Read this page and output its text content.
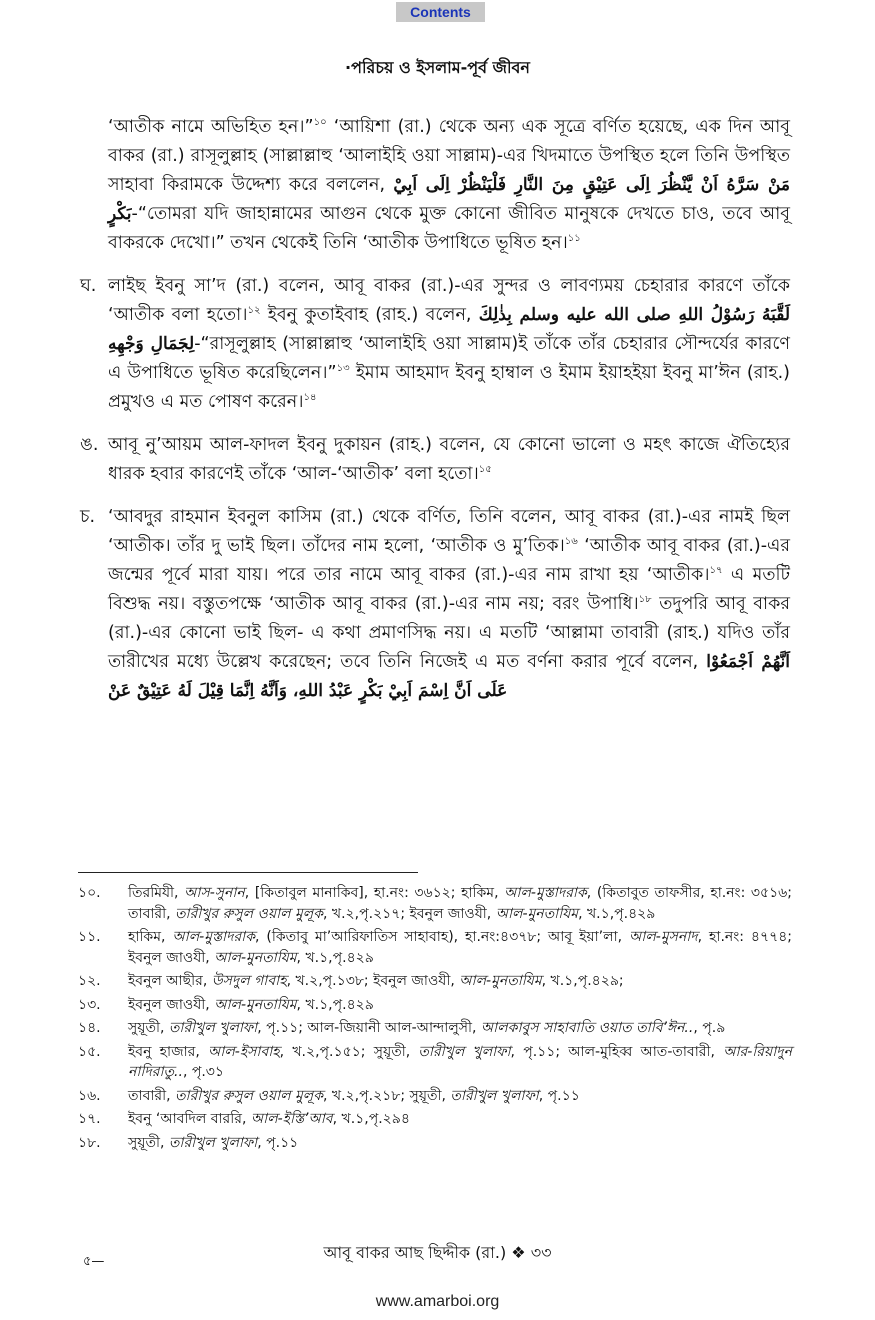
Contents
·পরিচয় ও ইসলাম-পূর্ব জীবন

‘আতীক নামে অভিহিত হন।”$^{১০}$ ‘আয়িশা (রা.) থেকে অন্য এক সূত্রে বর্ণিত হয়েছে, এক দিন আবূ বাকর (রা.) রাসূলুল্লাহ (সাল্লাল্লাহু ‘আলাইহি ওয়া সাল্লাম)-এর খিদমাতে উপস্থিত হলে তিনি উপস্থিত সাহাবা কিরামকে উদ্দেশ্য করে বললেন, مَنْ سَرَّهُ اَنْ يَّنْظُرَ اِلَى عَتِيْقٍ مِنَ النَّارِ فَلْيَنْظُرْ اِلَى اَبِيْ بَكْرٍ-“তোমরা যদি জাহান্নামের আগুন থেকে মুক্ত কোনো জীবিত মানুষকে দেখতে চাও, তবে আবূ বাকরকে দেখো।” তখন থেকেই তিনি ‘আতীক উপাধিতে ভূষিত হন।$^{১১}$

ঘ. লাইছ ইবনু সা’দ (রা.) বলেন, আবূ বাকর (রা.)-এর সুন্দর ও লাবণ্যময় চেহারার কারণে তাঁকে ‘আতীক বলা হতো।$^{১২}$ ইবনু কুতাইবাহ (রাহ.) বলেন, لَقَّبَهُ رَسُوْلُ اللهِ صلى الله عليه وسلم بِذٰلِكَ لِجَمَالِ وَجْهِهِ-“রাসূলুল্লাহ (সাল্লাল্লাহু ‘আলাইহি ওয়া সাল্লাম)ই তাঁকে তাঁর চেহারার সৌন্দর্যের কারণে এ উপাধিতে ভূষিত করেছিলেন।”$^{১৩}$ ইমাম আহমাদ ইবনু হাম্বাল ও ইমাম ইয়াহইয়া ইবনু মা’ঈন (রাহ.) প্রমুখও এ মত পোষণ করেন।$^{১৪}$
ঙ. আবূ নু’আয়ম আল-ফাদল ইবনু দুকায়ন (রাহ.) বলেন, যে কোনো ভালো ও মহৎ কাজে ঐতিহ্যের ধারক হবার কারণেই তাঁকে ‘আল-‘আতীক’ বলা হতো।$^{১৫}$
চ. ‘আবদুর রাহমান ইবনুল কাসিম (রা.) থেকে বর্ণিত, তিনি বলেন, আবূ বাকর (রা.)-এর নামই ছিল ‘আতীক। তাঁর দু ভাই ছিল। তাঁদের নাম হলো, ‘আতীক ও মু’তিক।$^{১৬}$ ‘আতীক আবূ বাকর (রা.)-এর জন্মের পূর্বে মারা যায়। পরে তার নামে আবূ বাকর (রা.)-এর নাম রাখা হয় ‘আতীক।$^{১৭}$ এ মতটি বিশুদ্ধ নয়। বস্তুতপক্ষে ‘আতীক আবূ বাকর (রা.)-এর নাম নয়; বরং উপাধি।$^{১৮}$ তদুপরি আবূ বাকর (রা.)-এর কোনো ভাই ছিল- এ কথা প্রমাণসিদ্ধ নয়। এ মতটি ‘আল্লামা তাবারী (রাহ.) যদিও তাঁর তারীখের মধ্যে উল্লেখ করেছেন; তবে তিনি নিজেই এ মত বর্ণনা করার পূর্বে বলেন, اَنَّهُمْ اَجْمَعُوْا عَلَى اَنَّ اِسْمَ اَبِيْ بَكْرٍ عَبْدُ اللهِ، وَاَنَّهُ اِنَّمَا قِيْلَ لَهُ عَتِيْقٌ عَنْ
১০. তিরমিযী, আস-সুনান, [কিতাবুল মানাকিব], হা.নং: ৩৬১২; হাকিম, আল-মুস্তাদরাক, (কিতাবুত তাফসীর, হা.নং: ৩৫১৬; তাবারী, তারীখুর রুসুল ওয়াল মুলূক, খ.২,পৃ.২১৭; ইবনুল জাওযী, আল-মুনতাযিম, খ.১,পৃ.৪২৯
১১. হাকিম, আল-মুস্তাদরাক, (কিতাবু মা’আরিফাতিস সাহাবাহ), হা.নং:৪৩৭৮; আবূ ইয়া’লা, আল-মুসনাদ, হা.নং: ৪৭৭৪; ইবনুল জাওযী, আল-মুনতাযিম, খ.১,পৃ.৪২৯
১২. ইবনুল আছীর, উসদুল গাবাহ, খ.২,পৃ.১৩৮; ইবনুল জাওযী, আল-মুনতাযিম, খ.১,পৃ.৪২৯;
১৩. ইবনুল জাওযী, আল-মুনতাযিম, খ.১,পৃ.৪২৯
১৪. সুয়ূতী, তারীখুল খুলাফা, পৃ.১১; আল-জিয়ানী আল-আন্দালুসী, আলকাবুস সাহাবাতি ওয়াত তাবি’ঈন.., পৃ.৯
১৫. ইবনু হাজার, আল-ইসাবাহ, খ.২,পৃ.১৫১; সুয়ূতী, তারীখুল খুলাফা, পৃ.১১; আল-মুহিব্ব আত-তাবারী, আর-রিয়াদুন নাদিরাতু.., পৃ.৩১
১৬. তাবারী, তারীখুর রুসুল ওয়াল মুলূক, খ.২,পৃ.২১৮; সুয়ূতী, তারীখুল খুলাফা, পৃ.১১
১৭. ইবনু ‘আবদিল বাররি, আল-ইস্তি’আব, খ.১,পৃ.২৯৪
১৮. সুয়ূতী, তারীখুল খুলাফা, পৃ.১১
আবূ বাকর আছ ছিদ্দীক (রা.) ❖ ৩৩
৫—
www.amarboi.org
